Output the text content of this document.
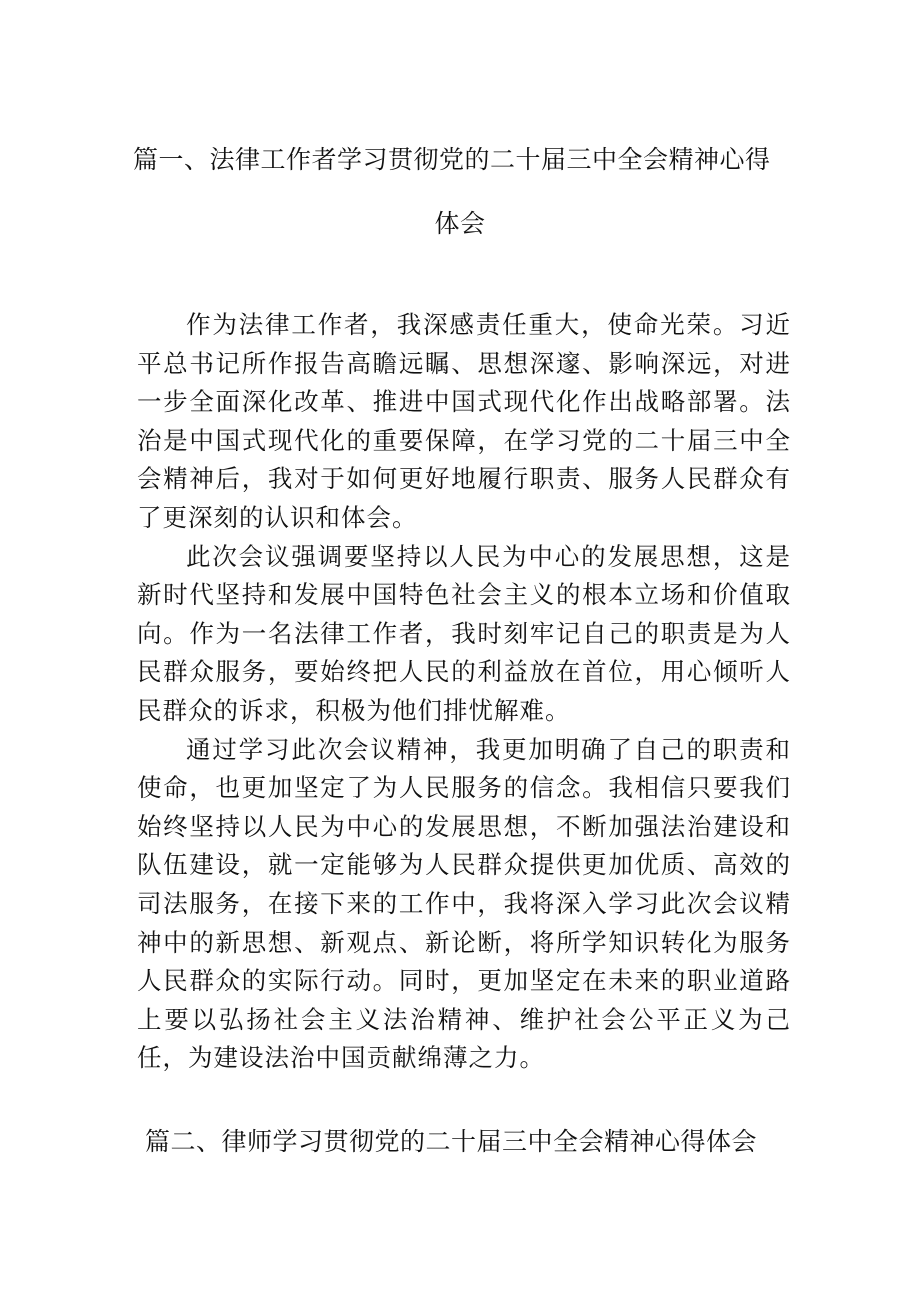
篇一、法律工作者学习贯彻党的二十届三中全会精神心得
体会

作为法律工作者，我深感责任重大，使命光荣。习近平总书记所作报告高瞻远瞩、思想深邃、影响深远，对进一步全面深化改革、推进中国式现代化作出战略部署。法治是中国式现代化的重要保障，在学习党的二十届三中全会精神后，我对于如何更好地履行职责、服务人民群众有了更深刻的认识和体会。

此次会议强调要坚持以人民为中心的发展思想，这是新时代坚持和发展中国特色社会主义的根本立场和价值取向。作为一名法律工作者，我时刻牢记自己的职责是为人民群众服务，要始终把人民的利益放在首位，用心倾听人民群众的诉求，积极为他们排忧解难。

通过学习此次会议精神，我更加明确了自己的职责和使命，也更加坚定了为人民服务的信念。我相信只要我们始终坚持以人民为中心的发展思想，不断加强法治建设和队伍建设，就一定能够为人民群众提供更加优质、高效的司法服务，在接下来的工作中，我将深入学习此次会议精神中的新思想、新观点、新论断，将所学知识转化为服务人民群众的实际行动。同时，更加坚定在未来的职业道路上要以弘扬社会主义法治精神、维护社会公平正义为己任，为建设法治中国贡献绵薄之力。

篇二、律师学习贯彻党的二十届三中全会精神心得体会
